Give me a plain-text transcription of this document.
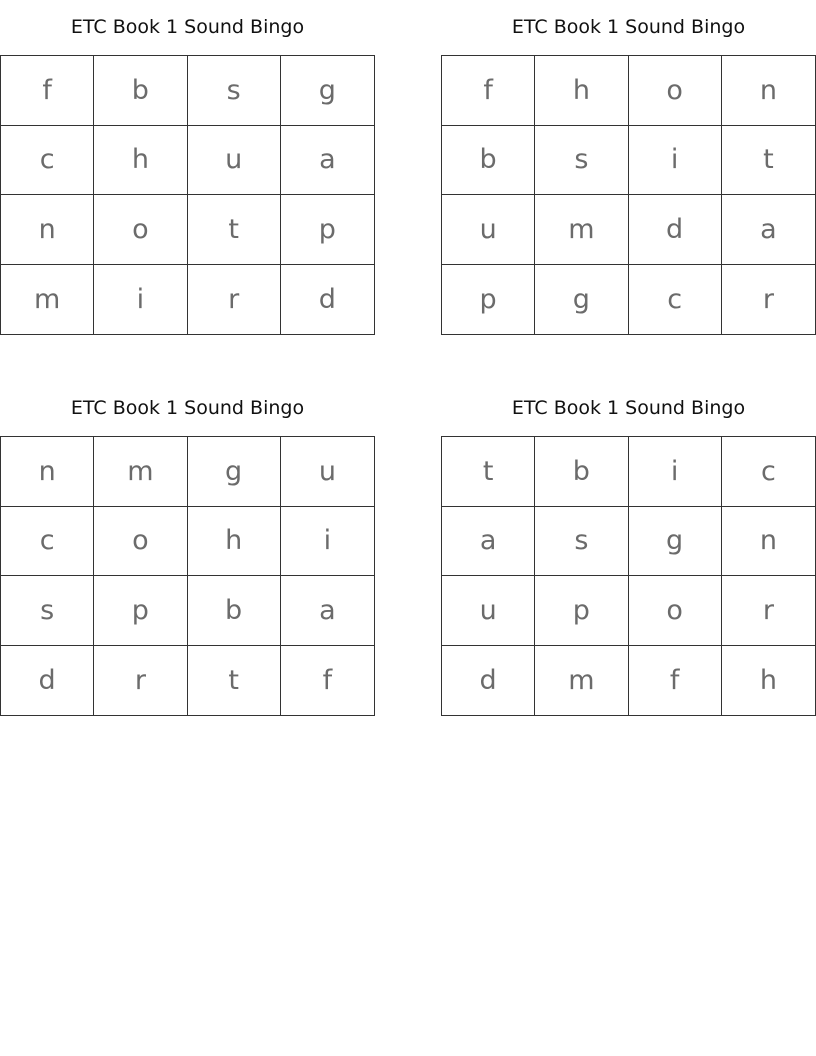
ETC Book 1 Sound Bingo
f	b	s	g
c	h	u	a
n	o	t	p
m	i	r	d
ETC Book 1 Sound Bingo
f	h	o	n
b	s	i	t
u	m	d	a
p	g	c	r
ETC Book 1 Sound Bingo
n	m	g	u
c	o	h	i
s	p	b	a
d	r	t	f
ETC Book 1 Sound Bingo
t	b	i	c
a	s	g	n
u	p	o	r
d	m	f	h
